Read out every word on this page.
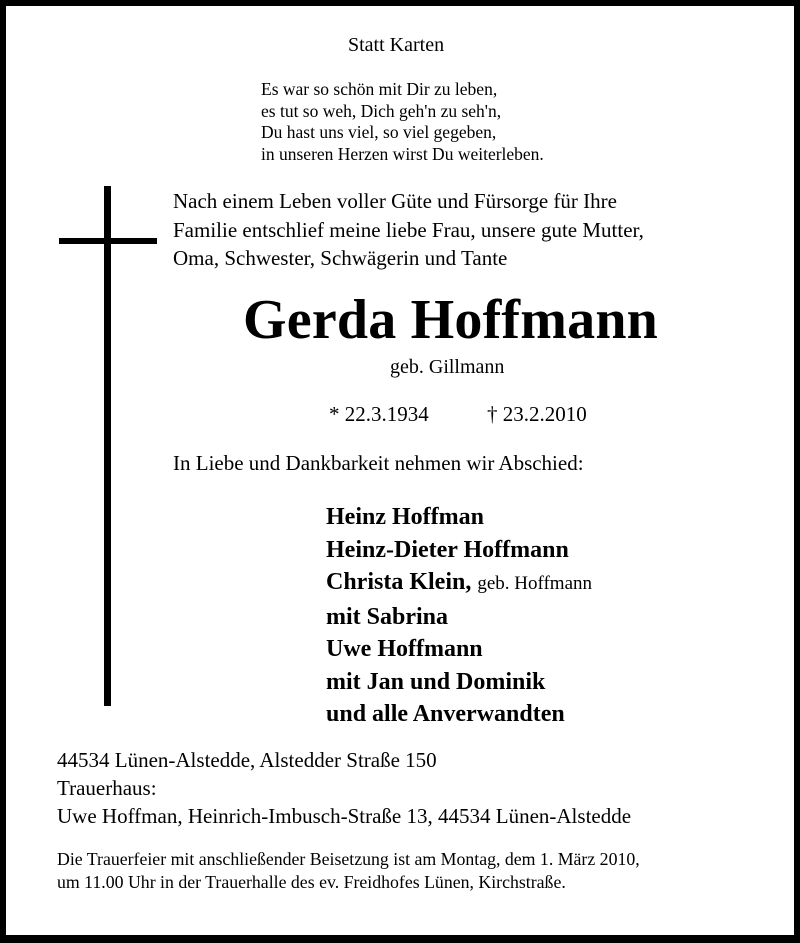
Statt Karten
Es war so schön mit Dir zu leben,
es tut so weh, Dich geh'n zu seh'n,
Du hast uns viel, so viel gegeben,
in unseren Herzen wirst Du weiterleben.
Nach einem Leben voller Güte und Fürsorge für Ihre
Familie entschlief meine liebe Frau, unsere gute Mutter,
Oma, Schwester, Schwägerin und Tante
Gerda Hoffmann
geb. Gillmann
* 22.3.1934	† 23.2.2010
In Liebe und Dankbarkeit nehmen wir Abschied:
Heinz Hoffman
Heinz-Dieter Hoffmann
Christa Klein, geb. Hoffmann
mit Sabrina
Uwe Hoffmann
mit Jan und Dominik
und alle Anverwandten
44534 Lünen-Alstedde, Alstedder Straße 150
Trauerhaus:
Uwe Hoffman, Heinrich-Imbusch-Straße 13, 44534 Lünen-Alstedde
Die Trauerfeier mit anschließender Beisetzung ist am Montag, dem 1. März 2010,
um 11.00 Uhr in der Trauerhalle des ev. Freidhofes Lünen, Kirchstraße.
